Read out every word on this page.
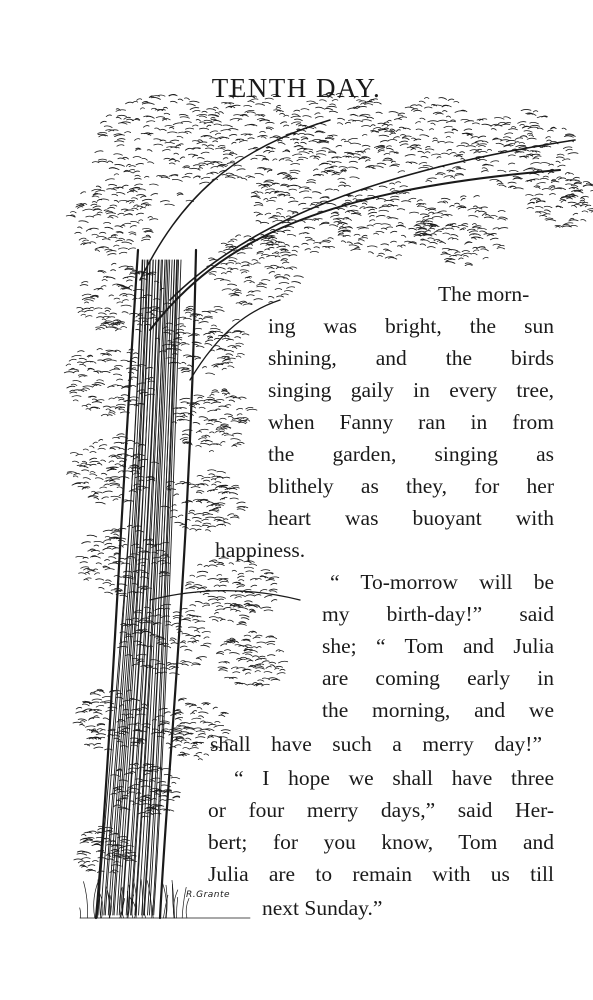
TENTH DAY.
The morn-
ing was bright, the sun
shining, and the birds
singing gaily in every tree,
when Fanny ran in from
the garden, singing as
blithely as they, for her
heart was buoyant with
happiness.
“ To-morrow will be
my birth-day!” said
she; “ Tom and Julia
are coming early in
the morning, and we
shall have such a merry day!”
“ I hope we shall have three
or four merry days,” said Her-
bert; for you know, Tom and
Julia are to remain with us till
next Sunday.”
R.Grante
